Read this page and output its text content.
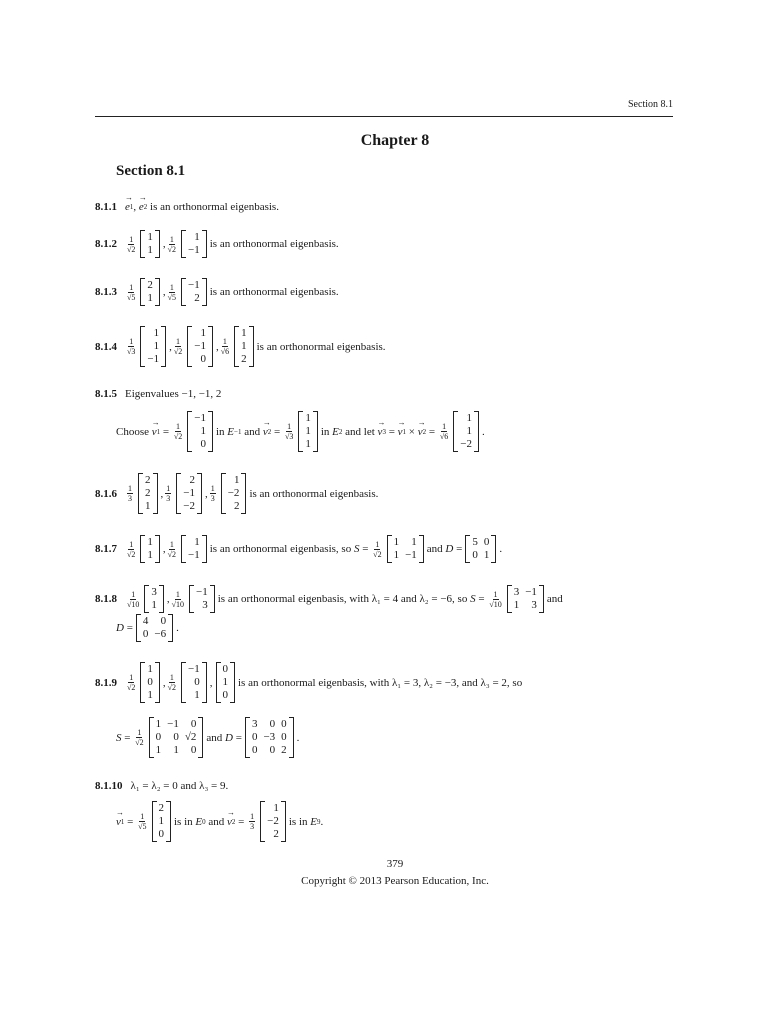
Section 8.1
Chapter 8
Section 8.1
8.1.1 → e 1 , → e 2
is an orthonormal eigenbasis.
$8.1.2 \frac{1}{√2} 1$
1 , $\frac{1}{√2} 1$
−1 is an orthonormal eigenbasis.
$8.1.3 \frac{1}{√5} 2$
1 , $\frac{1}{√5} -1$
2 is an orthonormal eigenbasis.
$8.1.4 \frac{1}{√3}$
1
1
−1
, $\frac{1}{√2}$
1
−1
0
, $\frac{1}{√6}$
1
1
2
is an orthonormal eigenbasis.
8.1.5 Eigenvalues −1, −1, 2
Choose
→ v $1 = \frac{1}{√2}$
−1
1
0
in
E −1
and
→ v $2 = \frac{1}{√3}$
1
1
1
in
E 2
and let
→ v 3 = → v 1 × → v $2 = \frac{1}{√6}$
1
1
−2
.
$8.1.6 \frac{1}{3}$
2
2
1
, $\frac{1}{3}$
2
−1
−2
, $\frac{1}{3}$
1
−2
2
is an orthonormal eigenbasis.
$8.1.7 \frac{1}{√2} 1$
1 , $\frac{1}{√2} 1$
−1 is an orthonormal eigenbasis, so
$S = \frac{1}{√2} 1$	1
1	−1 and
D =
5	0
0	1 .
$8.1.8 \frac{1}{√10} 3$
1 , $\frac{1}{√10} -1$
3 is an orthonormal eigenbasis, with λ₁ = 4 and λ₂ = −6, so
$S = \frac{1}{√10} 3$	−1
1	3 and
D =
4	0
0	−6 .
$8.1.9 \frac{1}{√2}$
1
0
1
, $\frac{1}{√2}$
−1
0
1
,
0
1
0
is an orthonormal eigenbasis, with λ₁ = 3, λ₂ = −3, and λ₃ = 2, so
$S = \frac{1}{√2}$
1	−1	0
0	0	√2
1	1	0
and
D =
3	0	0
0	−3	0
0	0	2
.
8.1.10 λ₁ = λ₂ = 0 and λ₃ = 9.
→ v $1 = \frac{1}{√5}$
2
1
0
is in
E 0
and
→ v $2 = \frac{1}{3}$
1
−2
2
is in
E 9 .
379
Copyright © 2013 Pearson Education, Inc.
